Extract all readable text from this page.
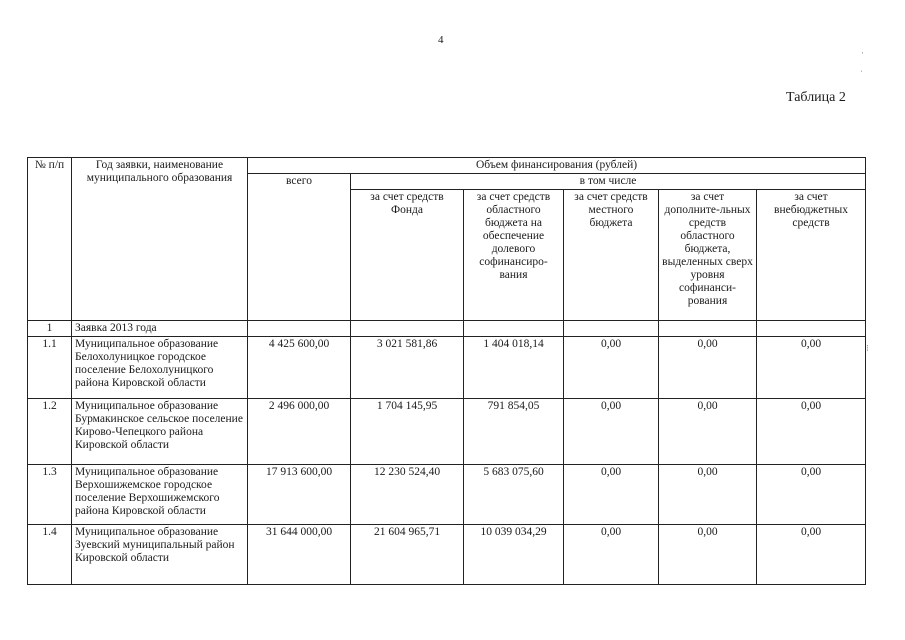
4
Таблица 2
·
⁝
ˌ
№ п/п	Год заявки, наименование муниципального образования	Объем финансирования (рублей)					
		всего	в том числе				
			за счет средств Фонда	за счет средств областного бюджета на обеспечение долевого софинансиро-вания	за счет средств местного бюджета	за счет дополните-льных средств областного бюджета, выделенных сверх уровня софинанси-рования	за счет внебюджетных средств
1	Заявка 2013 года						
1.1	Муниципальное образование Белохолуницкое городское поселение Белохолуницкого района Кировской области	4 425 600,00	3 021 581,86	1 404 018,14	0,00	0,00	0,00
1.2	Муниципальное образование Бурмакинское сельское поселение Кирово-Чепецкого района Кировской области	2 496 000,00	1 704 145,95	791 854,05	0,00	0,00	0,00
1.3	Муниципальное образование Верхошижемское городское поселение Верхошижемского района Кировской области	17 913 600,00	12 230 524,40	5 683 075,60	0,00	0,00	0,00
1.4	Муниципальное образование Зуевский муниципальный район Кировской области	31 644 000,00	21 604 965,71	10 039 034,29	0,00	0,00	0,00
